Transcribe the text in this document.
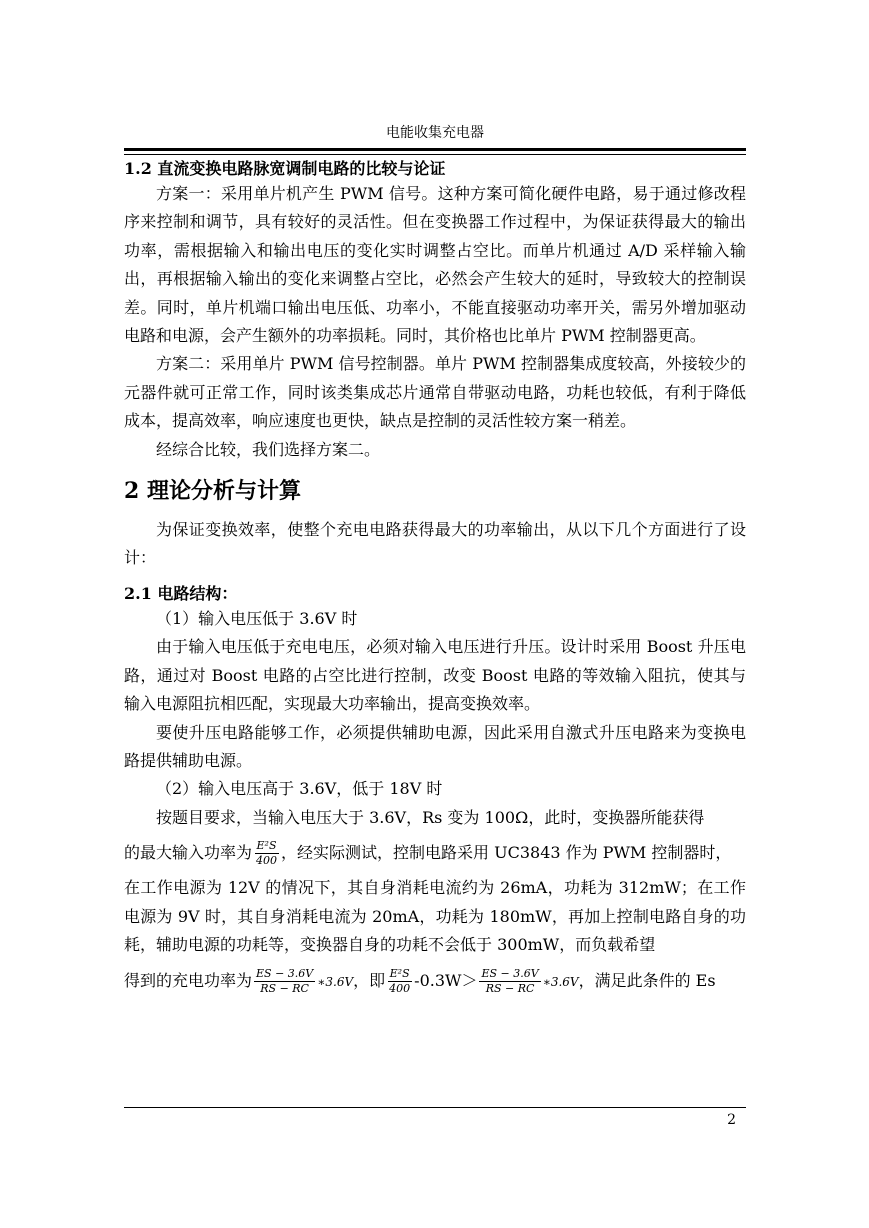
电能收集充电器

1.2 直流变换电路脉宽调制电路的比较与论证

方案一：采用单片机产生 PWM 信号。这种方案可简化硬件电路，易于通过修改程序来控制和调节，具有较好的灵活性。但在变换器工作过程中，为保证获得最大的输出功率，需根据输入和输出电压的变化实时调整占空比。而单片机通过 A/D 采样输入输出，再根据输入输出的变化来调整占空比，必然会产生较大的延时，导致较大的控制误差。同时，单片机端口输出电压低、功率小，不能直接驱动功率开关，需另外增加驱动电路和电源，会产生额外的功率损耗。同时，其价格也比单片 PWM 控制器更高。

方案二：采用单片 PWM 信号控制器。单片 PWM 控制器集成度较高，外接较少的元器件就可正常工作，同时该类集成芯片通常自带驱动电路，功耗也较低，有利于降低成本，提高效率，响应速度也更快，缺点是控制的灵活性较方案一稍差。

经综合比较，我们选择方案二。

2 理论分析与计算

为保证变换效率，使整个充电电路获得最大的功率输出，从以下几个方面进行了设计：

2.1 电路结构：

（1）输入电压低于 3.6V 时

由于输入电压低于充电电压，必须对输入电压进行升压。设计时采用 Boost 升压电路，通过对 Boost 电路的占空比进行控制，改变 Boost 电路的等效输入阻抗，使其与输入电源阻抗相匹配，实现最大功率输出，提高变换效率。

要使升压电路能够工作，必须提供辅助电源，因此采用自激式升压电路来为变换电路提供辅助电源。

（2）输入电压高于 3.6V，低于 18V 时

按题目要求，当输入电压大于 3.6V，Rs 变为 100Ω，此时，变换器所能获得

的最大输入功率为 $\frac{\text{E²S}}{400}$ ，经实际测试，控制电路采用 UC3843 作为 PWM 控制器时，

在工作电源为 12V 的情况下，其自身消耗电流约为 26mA，功耗为 312mW；在工作电源为 9V 时，其自身消耗电流为 20mA，功耗为 180mW，再加上控制电路自身的功耗，辅助电源的功耗等，变换器自身的功耗不会低于 300mW，而负载希望

得到的充电功率为 $\frac{ES - 3.6V}{RS - RC}$ ∗3.6V，即 $\frac{\text{E²S}}{400} -0.3W> \frac{ES - 3.6V}{RS - RC}$ ∗3.6V，满足此条件的 Es

2
